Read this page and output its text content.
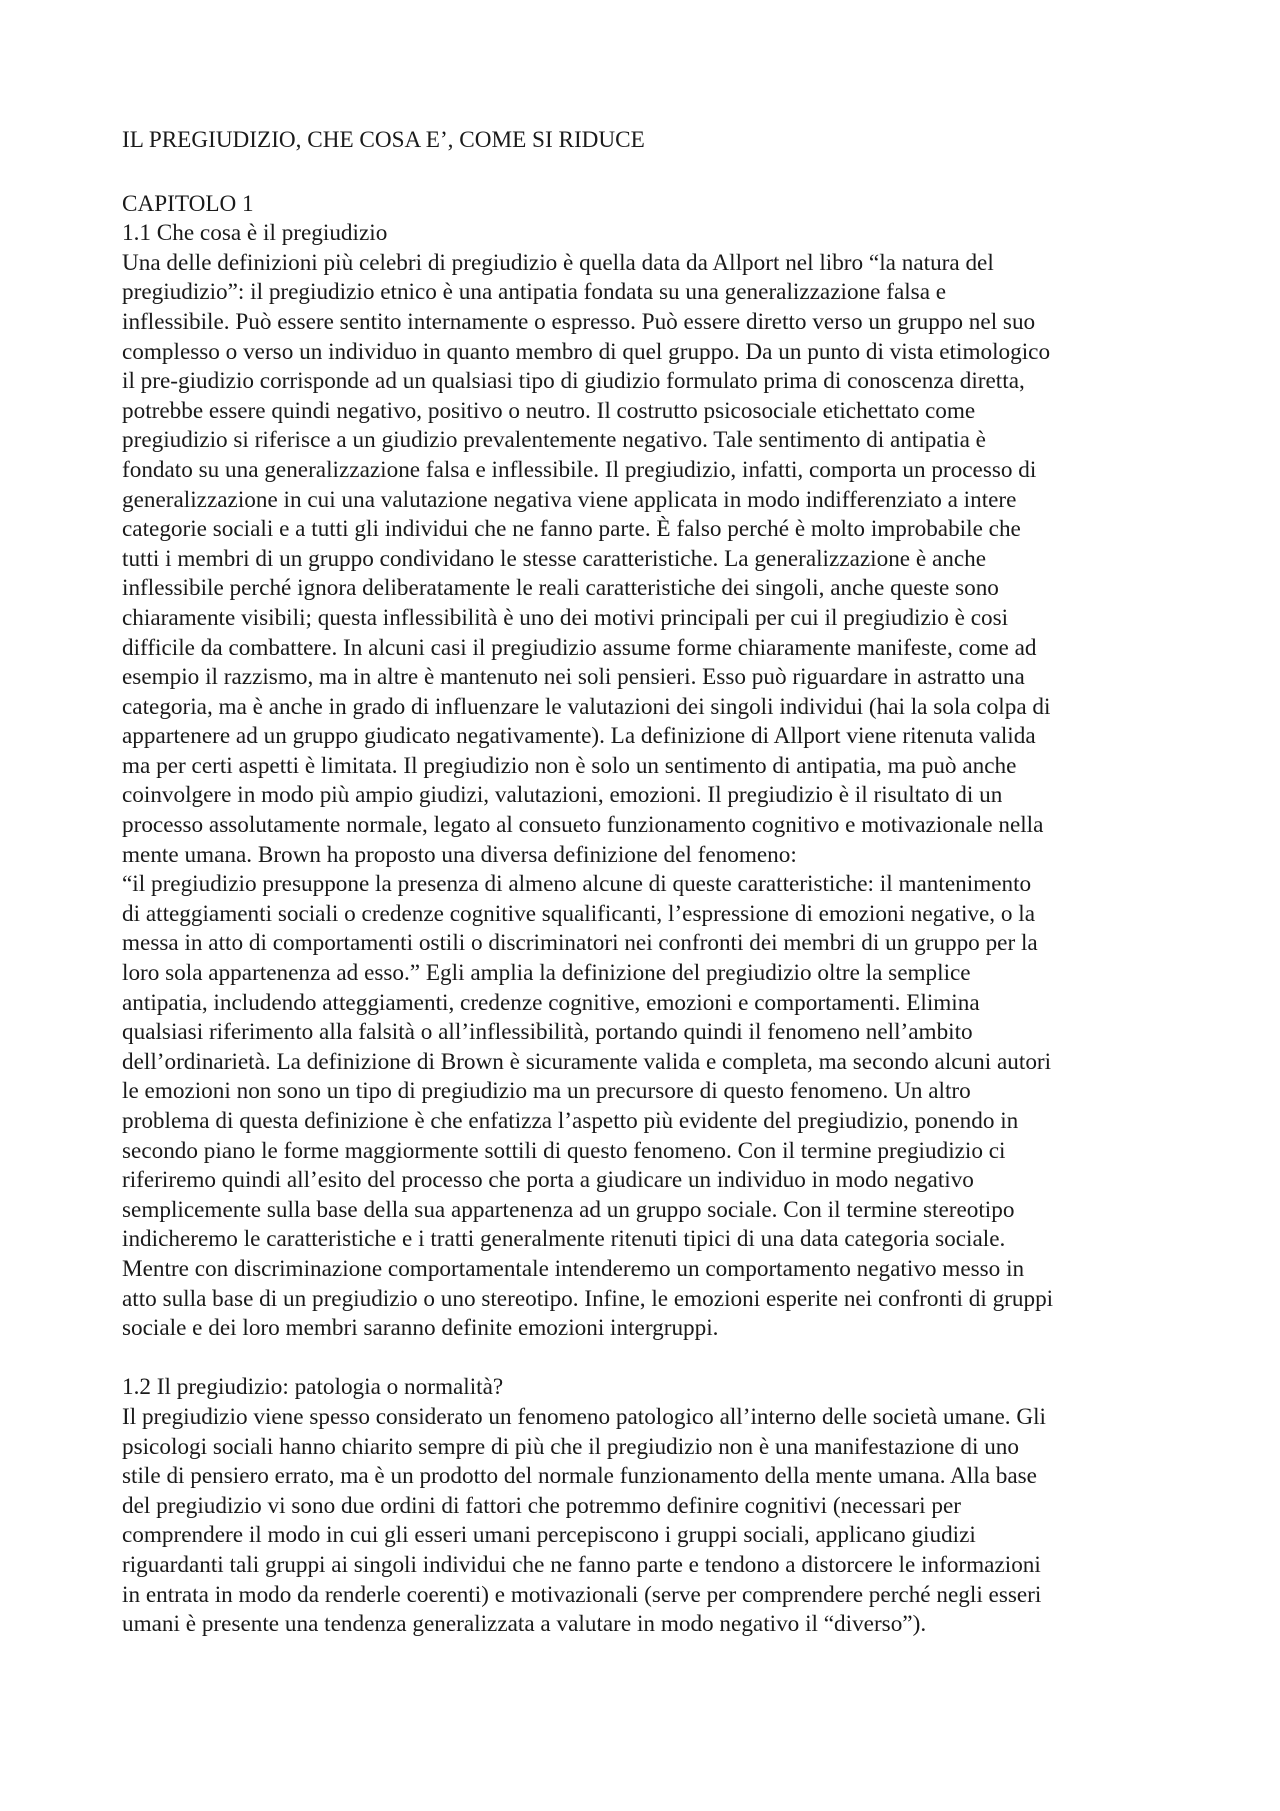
IL PREGIUDIZIO, CHE COSA E’, COME SI RIDUCE
CAPITOLO 1
1.1 Che cosa è il pregiudizio
Una delle definizioni più celebri di pregiudizio è quella data da Allport nel libro “la natura del
pregiudizio”: il pregiudizio etnico è una antipatia fondata su una generalizzazione falsa e
inflessibile. Può essere sentito internamente o espresso. Può essere diretto verso un gruppo nel suo
complesso o verso un individuo in quanto membro di quel gruppo. Da un punto di vista etimologico
il pre-giudizio corrisponde ad un qualsiasi tipo di giudizio formulato prima di conoscenza diretta,
potrebbe essere quindi negativo, positivo o neutro. Il costrutto psicosociale etichettato come
pregiudizio si riferisce a un giudizio prevalentemente negativo. Tale sentimento di antipatia è
fondato su una generalizzazione falsa e inflessibile. Il pregiudizio, infatti, comporta un processo di
generalizzazione in cui una valutazione negativa viene applicata in modo indifferenziato a intere
categorie sociali e a tutti gli individui che ne fanno parte. È falso perché è molto improbabile che
tutti i membri di un gruppo condividano le stesse caratteristiche. La generalizzazione è anche
inflessibile perché ignora deliberatamente le reali caratteristiche dei singoli, anche queste sono
chiaramente visibili; questa inflessibilità è uno dei motivi principali per cui il pregiudizio è cosi
difficile da combattere. In alcuni casi il pregiudizio assume forme chiaramente manifeste, come ad
esempio il razzismo, ma in altre è mantenuto nei soli pensieri. Esso può riguardare in astratto una
categoria, ma è anche in grado di influenzare le valutazioni dei singoli individui (hai la sola colpa di
appartenere ad un gruppo giudicato negativamente). La definizione di Allport viene ritenuta valida
ma per certi aspetti è limitata. Il pregiudizio non è solo un sentimento di antipatia, ma può anche
coinvolgere in modo più ampio giudizi, valutazioni, emozioni. Il pregiudizio è il risultato di un
processo assolutamente normale, legato al consueto funzionamento cognitivo e motivazionale nella
mente umana. Brown ha proposto una diversa definizione del fenomeno:
“il pregiudizio presuppone la presenza di almeno alcune di queste caratteristiche: il mantenimento
di atteggiamenti sociali o credenze cognitive squalificanti, l’espressione di emozioni negative, o la
messa in atto di comportamenti ostili o discriminatori nei confronti dei membri di un gruppo per la
loro sola appartenenza ad esso.” Egli amplia la definizione del pregiudizio oltre la semplice
antipatia, includendo atteggiamenti, credenze cognitive, emozioni e comportamenti. Elimina
qualsiasi riferimento alla falsità o all’inflessibilità, portando quindi il fenomeno nell’ambito
dell’ordinarietà. La definizione di Brown è sicuramente valida e completa, ma secondo alcuni autori
le emozioni non sono un tipo di pregiudizio ma un precursore di questo fenomeno. Un altro
problema di questa definizione è che enfatizza l’aspetto più evidente del pregiudizio, ponendo in
secondo piano le forme maggiormente sottili di questo fenomeno. Con il termine pregiudizio ci
riferiremo quindi all’esito del processo che porta a giudicare un individuo in modo negativo
semplicemente sulla base della sua appartenenza ad un gruppo sociale. Con il termine stereotipo
indicheremo le caratteristiche e i tratti generalmente ritenuti tipici di una data categoria sociale.
Mentre con discriminazione comportamentale intenderemo un comportamento negativo messo in
atto sulla base di un pregiudizio o uno stereotipo. Infine, le emozioni esperite nei confronti di gruppi
sociale e dei loro membri saranno definite emozioni intergruppi.
1.2 Il pregiudizio: patologia o normalità?
Il pregiudizio viene spesso considerato un fenomeno patologico all’interno delle società umane. Gli
psicologi sociali hanno chiarito sempre di più che il pregiudizio non è una manifestazione di uno
stile di pensiero errato, ma è un prodotto del normale funzionamento della mente umana. Alla base
del pregiudizio vi sono due ordini di fattori che potremmo definire cognitivi (necessari per
comprendere il modo in cui gli esseri umani percepiscono i gruppi sociali, applicano giudizi
riguardanti tali gruppi ai singoli individui che ne fanno parte e tendono a distorcere le informazioni
in entrata in modo da renderle coerenti) e motivazionali (serve per comprendere perché negli esseri
umani è presente una tendenza generalizzata a valutare in modo negativo il “diverso”).
